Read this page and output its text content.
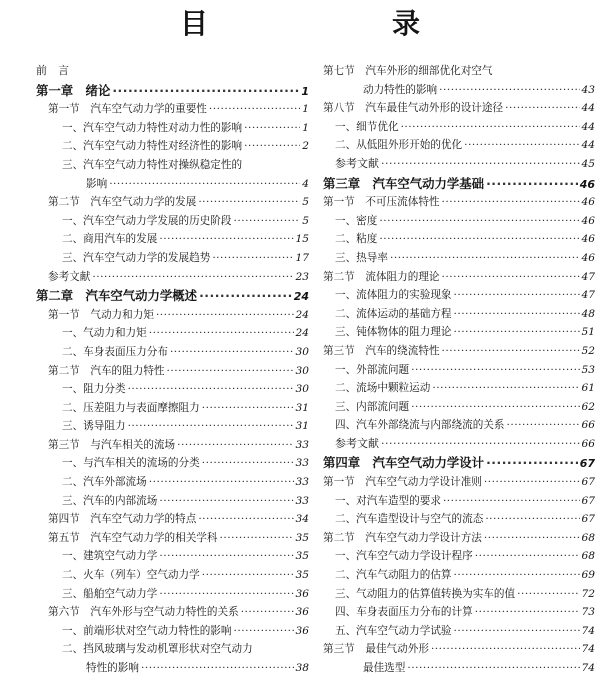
目　录
前　言
第一章　绪论 ·····	1
第一节　汽车空气动力学的重要性 ·····	1
一、汽车空气动力特性对动力性的影响 ·····	1
二、汽车空气动力特性对经济性的影响 ·····	2
三、汽车空气动力特性对操纵稳定性的
影响 ·····	4
第二节　汽车空气动力学的发展 ·····	5
一、汽车空气动力学发展的历史阶段 ·····	5
二、商用汽车的发展 ·····	15
三、汽车空气动力学的发展趋势 ·····	17
参考文献 ·····	23
第二章　汽车空气动力学概述 ·····	24
第一节　气动力和力矩 ·····	24
一、气动力和力矩 ·····	24
二、车身表面压力分布 ·····	30
第二节　汽车的阻力特性 ·····	30
一、阻力分类 ·····	30
二、压差阻力与表面摩擦阻力 ·····	31
三、诱导阻力 ·····	31
第三节　与汽车相关的流场 ·····	33
一、与汽车相关的流场的分类 ·····	33
二、汽车外部流场 ·····	33
三、汽车的内部流场 ·····	33
第四节　汽车空气动力学的特点 ·····	34
第五节　汽车空气动力学的相关学科 ·····	35
一、建筑空气动力学 ·····	35
二、火车（列车）空气动力学 ·····	35
三、船舶空气动力学 ·····	36
第六节　汽车外形与空气动力特性的关系 ·····	36
一、前端形状对空气动力特性的影响 ·····	36
二、挡风玻璃与发动机罩形状对空气动力
特性的影响 ·····	38
第七节　汽车外形的细部优化对空气
动力特性的影响 ·····	43
第八节　汽车最佳气动外形的设计途径 ·····	44
一、细节优化 ·····	44
二、从低阻外形开始的优化 ·····	44
参考文献 ·····	45
第三章　汽车空气动力学基础 ·····	46
第一节　不可压流体特性 ·····	46
一、密度 ·····	46
二、粘度 ·····	46
三、热导率 ·····	46
第二节　流体阻力的理论 ·····	47
一、流体阻力的实验现象 ·····	47
二、流体运动的基础方程 ·····	48
三、钝体物体的阻力理论 ·····	51
第三节　汽车的绕流特性 ·····	52
一、外部流问题 ·····	53
二、流场中颗粒运动 ·····	61
三、内部流问题 ·····	62
四、汽车外部绕流与内部绕流的关系 ·····	66
参考文献 ·····	66
第四章　汽车空气动力学设计 ·····	67
第一节　汽车空气动力学设计准则 ·····	67
一、对汽车造型的要求 ·····	67
二、汽车造型设计与空气的流态 ·····	67
第二节　汽车空气动力学设计方法 ·····	68
一、汽车空气动力学设计程序 ·····	68
二、汽车气动阻力的估算 ·····	69
三、气动阻力的估算值转换为实车的值 ·····	72
四、车身表面压力分布的计算 ·····	73
五、汽车空气动力学试验 ·····	74
第三节　最佳气动外形 ·····	74
最佳选型 ·····	74
